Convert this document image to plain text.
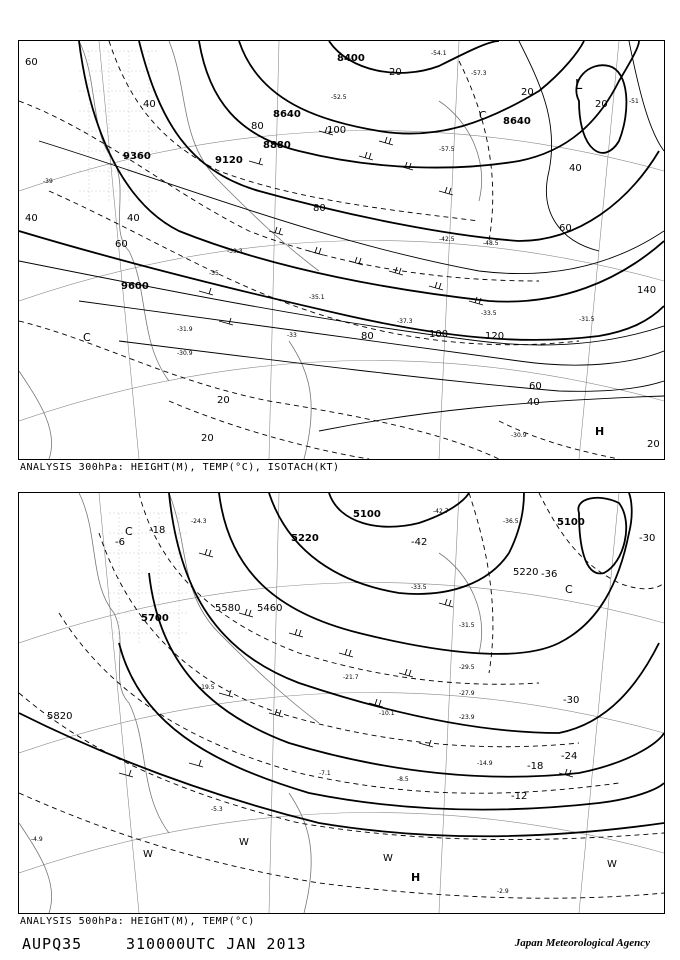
8400
8640
8880
9120
9360
9600
8640
60
40
100
80
20
40
60
40
80
20
60
80	100
140
120
60
40
20
20
40
20
20
-54.1
-57.3
-52.5
-57.5
-51
-39.3
-42.5
-35
-35.1
-37.3
-33
-31.9
-30.9
-39
-33.5
-31.5
-30.9
-48.5
L
C
C
H
ANALYSIS 300hPa: HEIGHT(M), TEMP(°C), ISOTACH(KT)
5100
5220
5100
5220
5580 5460
5700
5820
-18
-42
-36
-30
-24
-18
-12
-6	-30
-24.3
-42.7
-33.5
-29.5
-21.7
-19.5
-10.1
-7.1
-8.5
-5.3
-2.9
-4.9
-36.5
-31.5
-27.9
-23.9
-14.9
C
C
W
W
W
W
H
ANALYSIS 500hPa: HEIGHT(M), TEMP(°C)
AUPQ35	310000UTC JAN 2013	Japan Meteorological Agency
